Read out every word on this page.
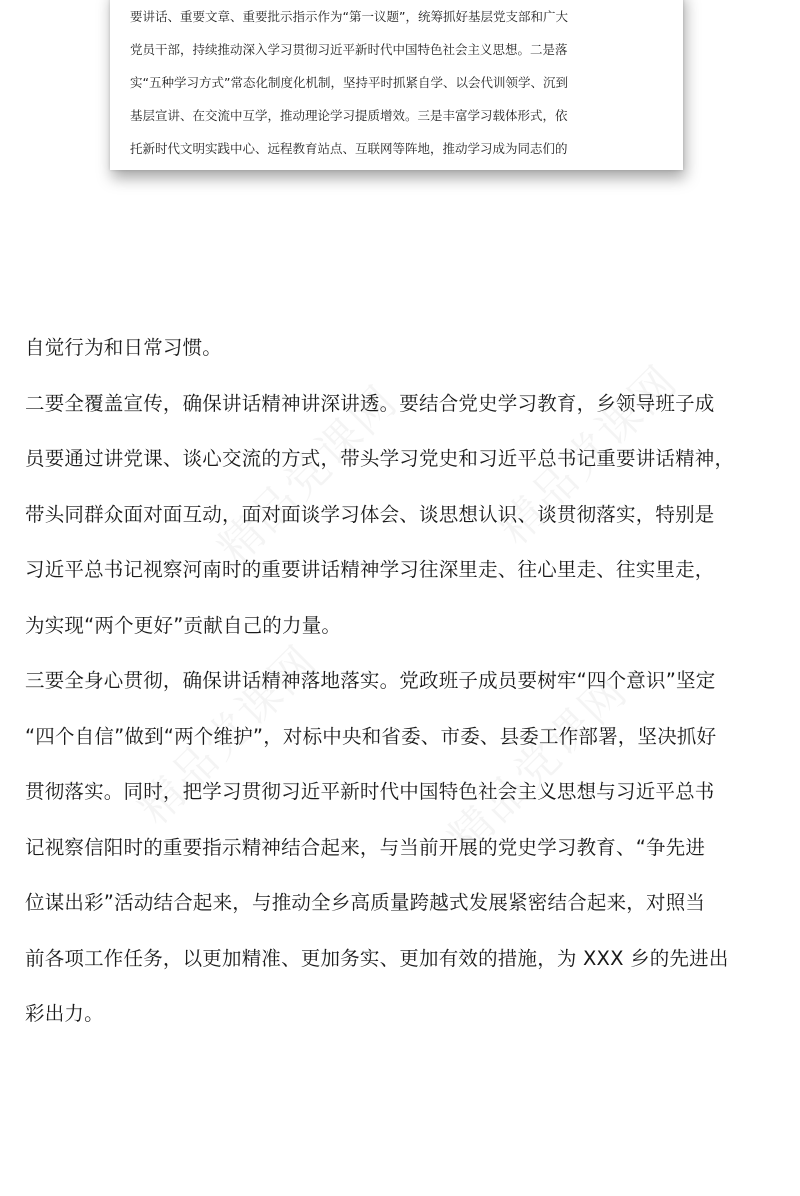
要讲话、重要文章、重要批示指示作为“第一议题”，统筹抓好基层党支部和广大
党员干部，持续推动深入学习贯彻习近平新时代中国特色社会主义思想。二是落
实“五种学习方式”常态化制度化机制，坚持平时抓紧自学、以会代训领学、沉到
基层宣讲、在交流中互学，推动理论学习提质增效。三是丰富学习载体形式，依
托新时代文明实践中心、远程教育站点、互联网等阵地，推动学习成为同志们的
自觉行为和日常习惯。
二要全覆盖宣传，确保讲话精神讲深讲透。要结合党史学习教育，乡领导班子成
员要通过讲党课、谈心交流的方式，带头学习党史和习近平总书记重要讲话精神，
带头同群众面对面互动，面对面谈学习体会、谈思想认识、谈贯彻落实，特别是
习近平总书记视察河南时的重要讲话精神学习往深里走、往心里走、往实里走，
为实现“两个更好”贡献自己的力量。
三要全身心贯彻，确保讲话精神落地落实。党政班子成员要树牢“四个意识”坚定
“四个自信”做到“两个维护”，对标中央和省委、市委、县委工作部署，坚决抓好
贯彻落实。同时，把学习贯彻习近平新时代中国特色社会主义思想与习近平总书
记视察信阳时的重要指示精神结合起来，与当前开展的党史学习教育、“争先进
位谋出彩”活动结合起来，与推动全乡高质量跨越式发展紧密结合起来，对照当
前各项工作任务，以更加精准、更加务实、更加有效的措施，为 XXX 乡的先进出
彩出力。
